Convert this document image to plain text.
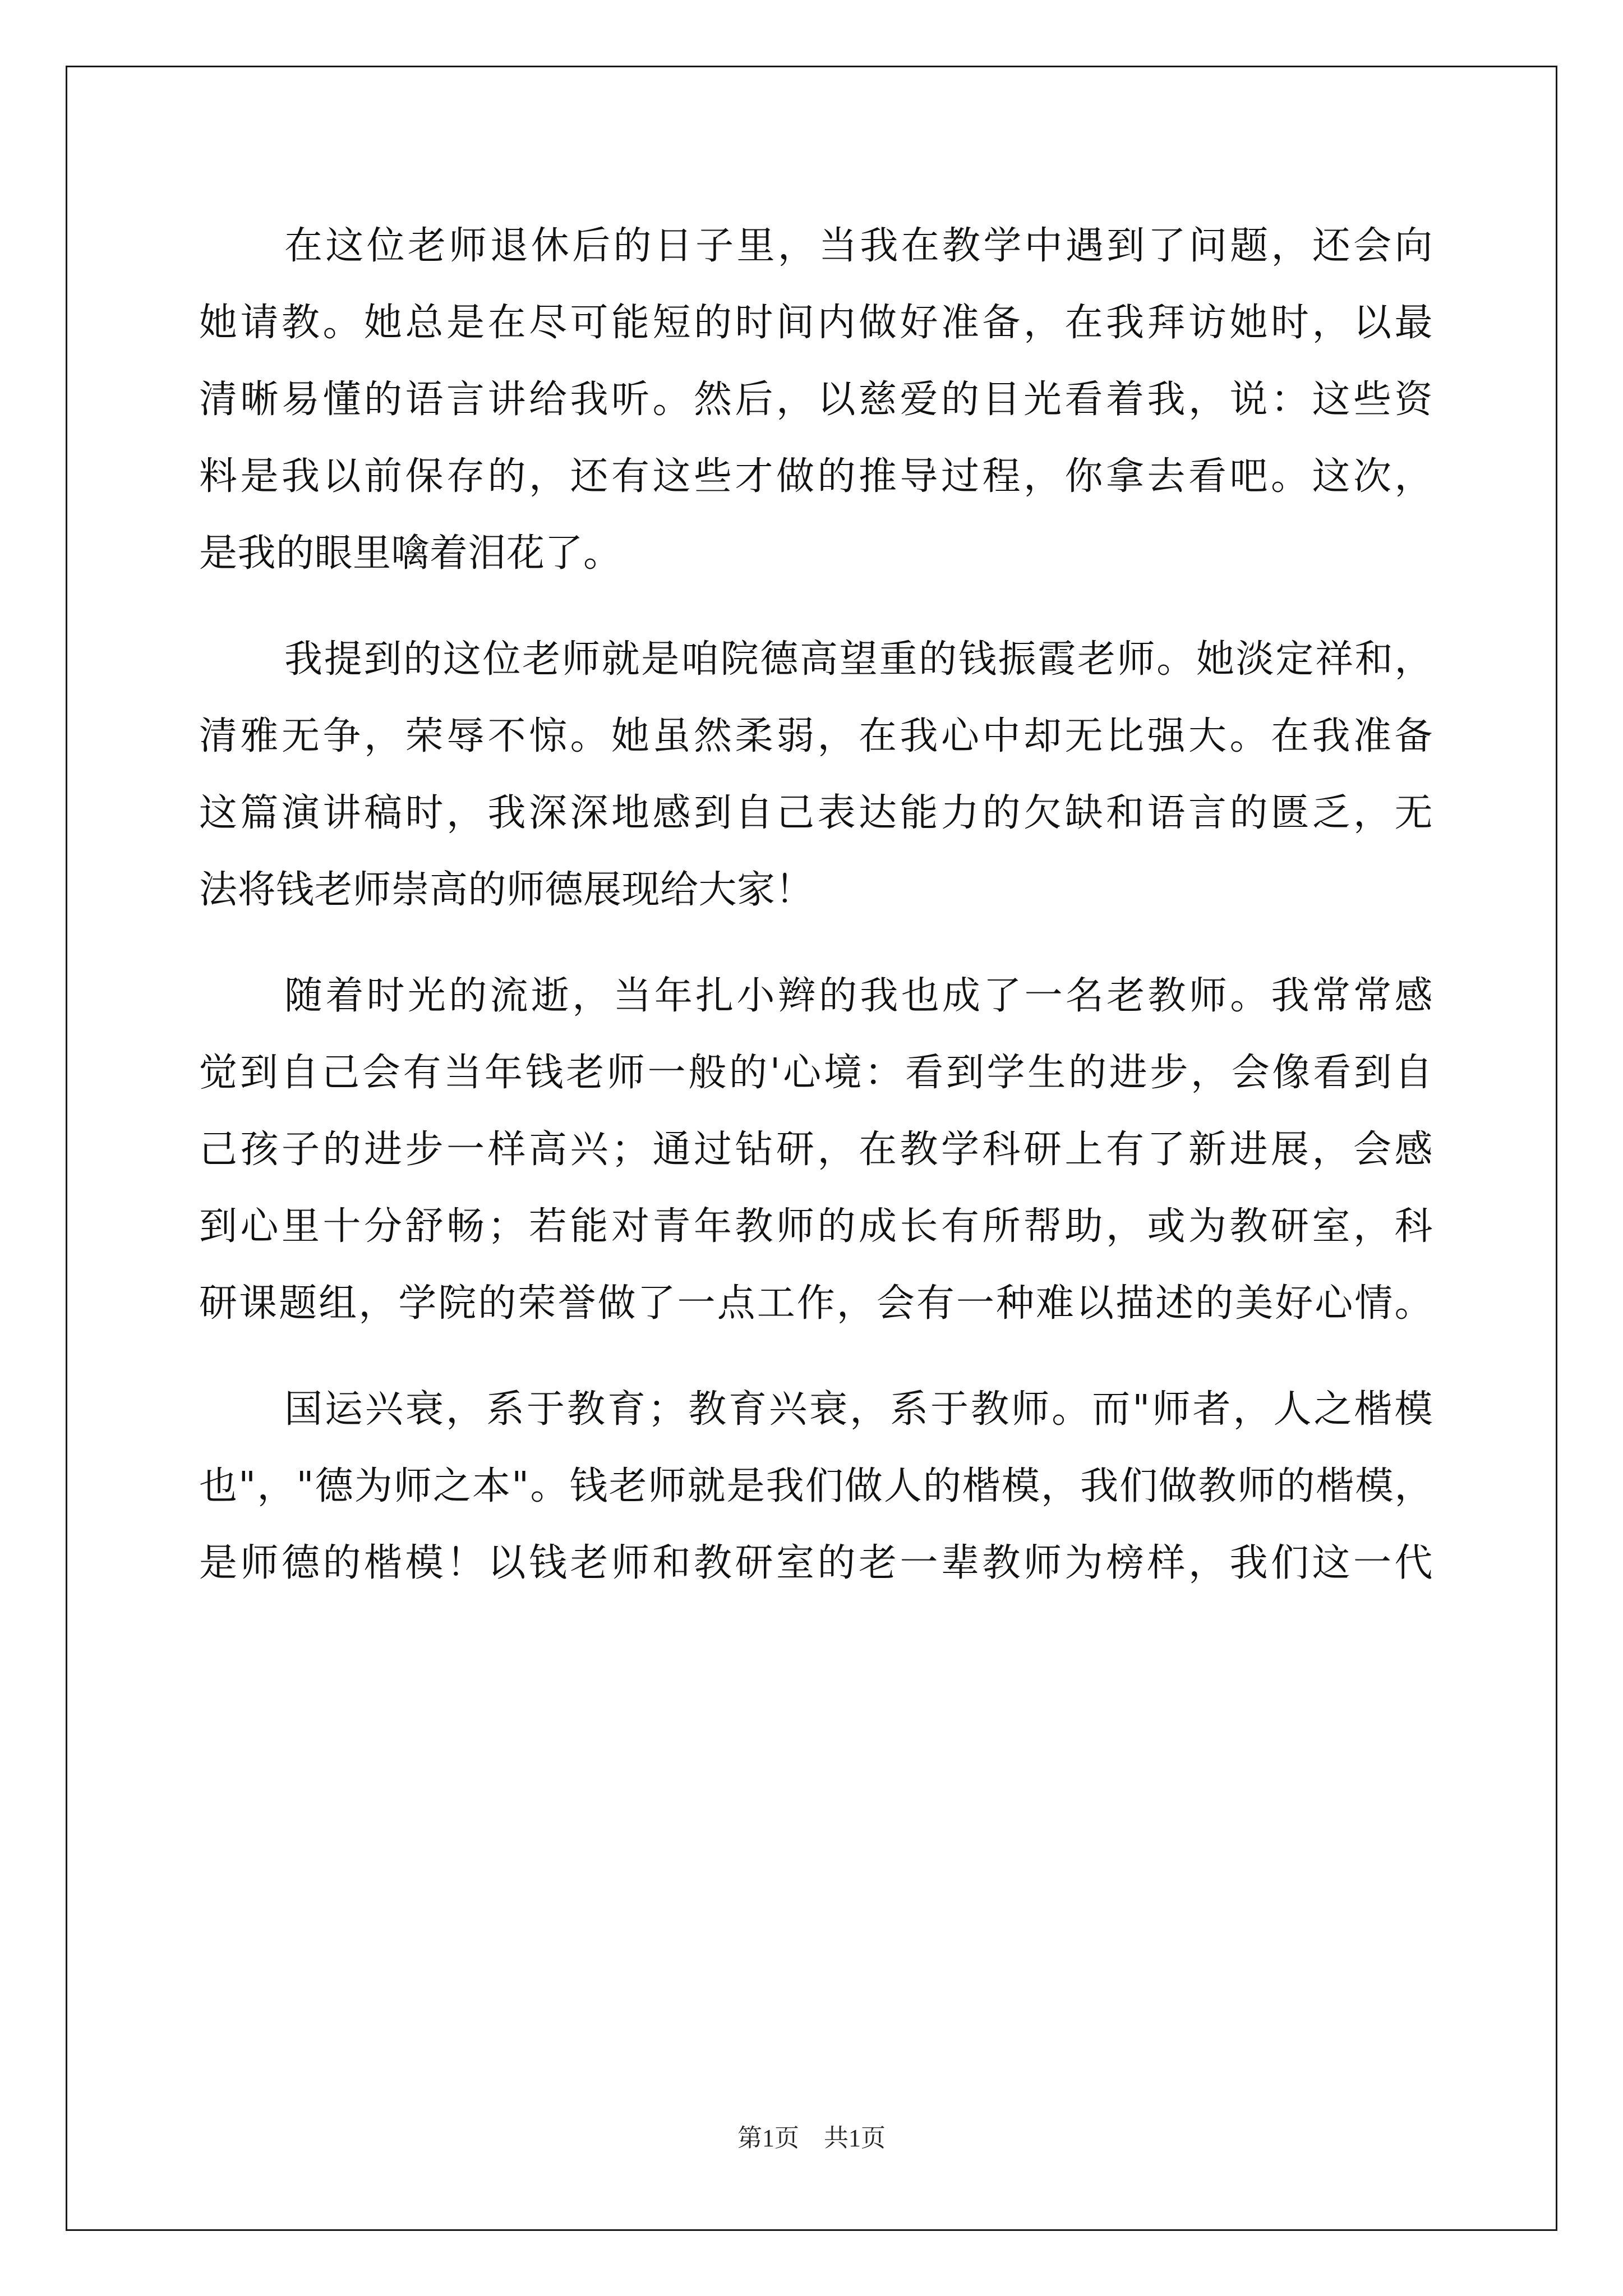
在这位老师退休后的日子里，当我在教学中遇到了问题，还会向
她请教。她总是在尽可能短的时间内做好准备，在我拜访她时，以最
清晰易懂的语言讲给我听。然后，以慈爱的目光看着我，说：这些资
料是我以前保存的，还有这些才做的推导过程，你拿去看吧。这次，
是我的眼里噙着泪花了。
我提到的这位老师就是咱院德高望重的钱振霞老师。她淡定祥和，
清雅无争，荣辱不惊。她虽然柔弱，在我心中却无比强大。在我准备
这篇演讲稿时，我深深地感到自己表达能力的欠缺和语言的匮乏，无
法将钱老师崇高的师德展现给大家！
随着时光的流逝，当年扎小辫的我也成了一名老教师。我常常感
觉到自己会有当年钱老师一般的'心境：看到学生的进步，会像看到自
己孩子的进步一样高兴；通过钻研，在教学科研上有了新进展，会感
到心里十分舒畅；若能对青年教师的成长有所帮助，或为教研室，科
研课题组，学院的荣誉做了一点工作，会有一种难以描述的美好心情。
国运兴衰，系于教育；教育兴衰，系于教师。而"师者，人之楷模
也"，"德为师之本"。钱老师就是我们做人的楷模，我们做教师的楷模，
是师德的楷模！以钱老师和教研室的老一辈教师为榜样，我们这一代
第1页 共1页
